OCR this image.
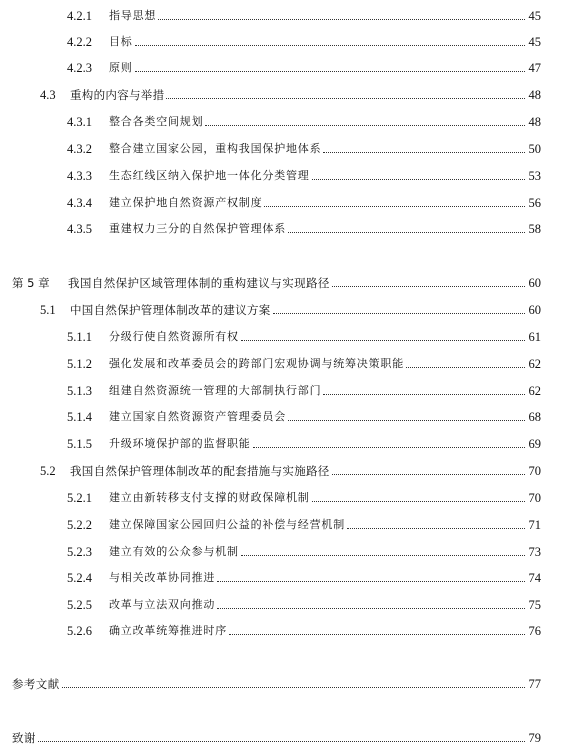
4.2.1	指导思想	45
4.2.2	目标	45
4.2.3	原则	47
4.3	重构的内容与举措	48
4.3.1	整合各类空间规划	48
4.3.2	整合建立国家公园，重构我国保护地体系	50
4.3.3	生态红线区纳入保护地一体化分类管理	53
4.3.4	建立保护地自然资源产权制度	56
4.3.5	重建权力三分的自然保护管理体系	58
第 5 章	我国自然保护区域管理体制的重构建议与实现路径	60
5.1	中国自然保护管理体制改革的建议方案	60
5.1.1	分级行使自然资源所有权	61
5.1.2	强化发展和改革委员会的跨部门宏观协调与统筹决策职能	62
5.1.3	组建自然资源统一管理的大部制执行部门	62
5.1.4	建立国家自然资源资产管理委员会	68
5.1.5	升级环境保护部的监督职能	69
5.2	我国自然保护管理体制改革的配套措施与实施路径	70
5.2.1	建立由新转移支付支撑的财政保障机制	70
5.2.2	建立保障国家公园回归公益的补偿与经营机制	71
5.2.3	建立有效的公众参与机制	73
5.2.4	与相关改革协同推进	74
5.2.5	改革与立法双向推动	75
5.2.6	确立改革统筹推进时序	76
参考文献	77
致谢	79
